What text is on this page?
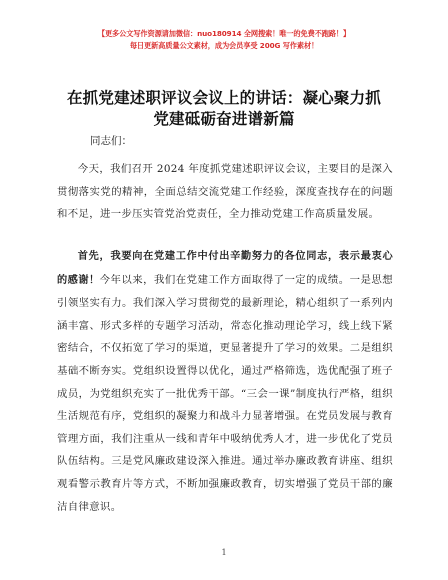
【更多公文写作资源请加微信：nuo180914 全网搜索！唯一的免费不跑路！】
每日更新高质量公文素材，成为会员享受 200G 写作素材！
在抓党建述职评议会议上的讲话：凝心聚力抓
党建砥砺奋进谱新篇
同志们：

今天，我们召开 2024 年度抓党建述职评议会议，主要目的是深入贯彻落实党的精神，全面总结交流党建工作经验，深度查找存在的问题和不足，进一步压实管党治党责任，全力推动党建工作高质量发展。

首先，我要向在党建工作中付出辛勤努力的各位同志，表示最衷心的感谢！今年以来，我们在党建工作方面取得了一定的成绩。一是思想引领坚实有力。我们深入学习贯彻党的最新理论，精心组织了一系列内涵丰富、形式多样的专题学习活动，常态化推动理论学习，线上线下紧密结合，不仅拓宽了学习的渠道，更显著提升了学习的效果。二是组织基础不断夯实。党组织设置得以优化，通过严格筛选，选优配强了班子成员，为党组织充实了一批优秀干部。“三会一课”制度执行严格，组织生活规范有序，党组织的凝聚力和战斗力显著增强。在党员发展与教育管理方面，我们注重从一线和青年中吸纳优秀人才，进一步优化了党员队伍结构。三是党风廉政建设深入推进。通过举办廉政教育讲座、组织观看警示教育片等方式，不断加强廉政教育，切实增强了党员干部的廉洁自律意识。

1
